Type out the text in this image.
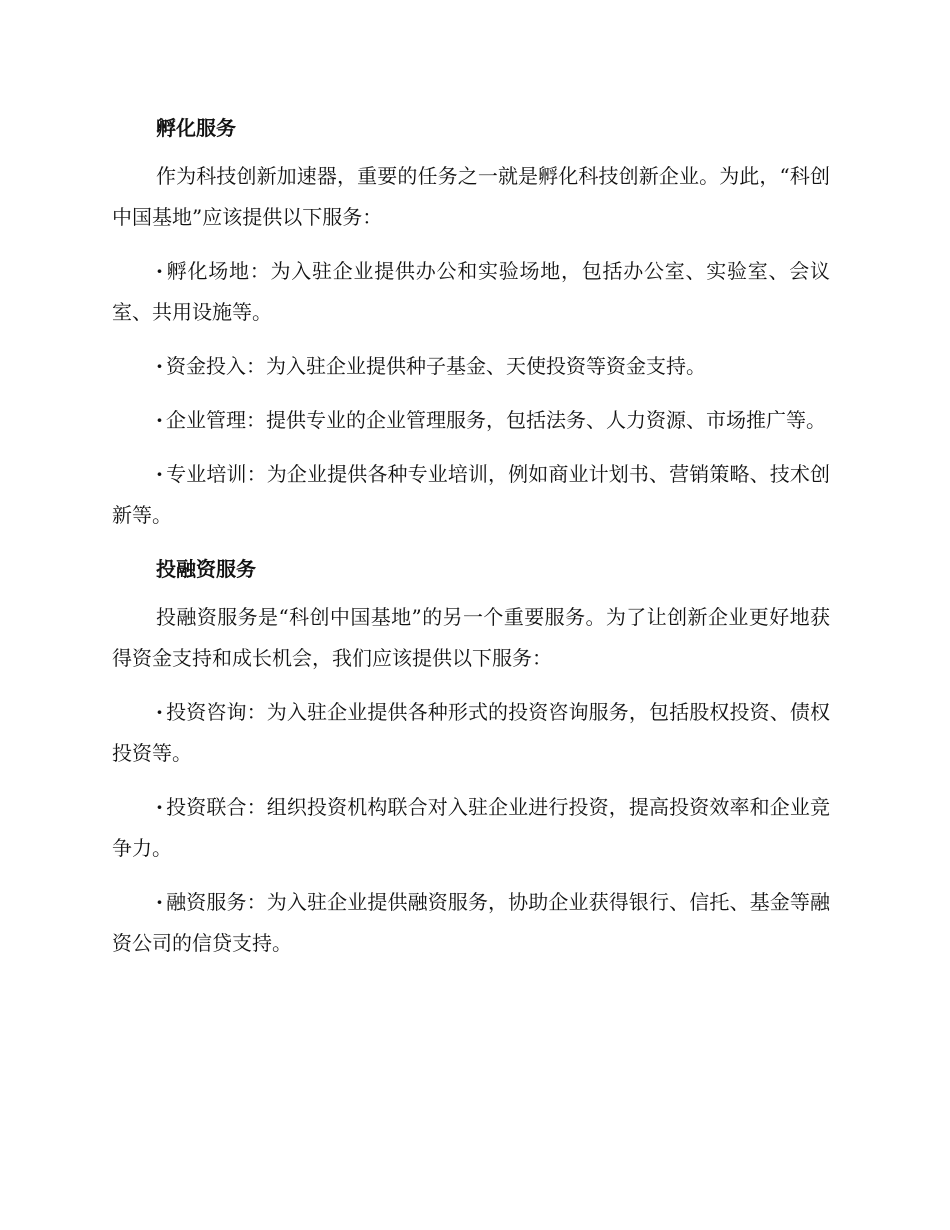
孵化服务

作为科技创新加速器，重要的任务之一就是孵化科技创新企业。为此，“科创中国基地”应该提供以下服务：

· 孵化场地：为入驻企业提供办公和实验场地，包括办公室、实验室、会议室、共用设施等。

· 资金投入：为入驻企业提供种子基金、天使投资等资金支持。

· 企业管理：提供专业的企业管理服务，包括法务、人力资源、市场推广等。

· 专业培训：为企业提供各种专业培训，例如商业计划书、营销策略、技术创新等。

投融资服务

投融资服务是“科创中国基地”的另一个重要服务。为了让创新企业更好地获得资金支持和成长机会，我们应该提供以下服务：

· 投资咨询：为入驻企业提供各种形式的投资咨询服务，包括股权投资、债权投资等。

· 投资联合：组织投资机构联合对入驻企业进行投资，提高投资效率和企业竞争力。

· 融资服务：为入驻企业提供融资服务，协助企业获得银行、信托、基金等融资公司的信贷支持。
